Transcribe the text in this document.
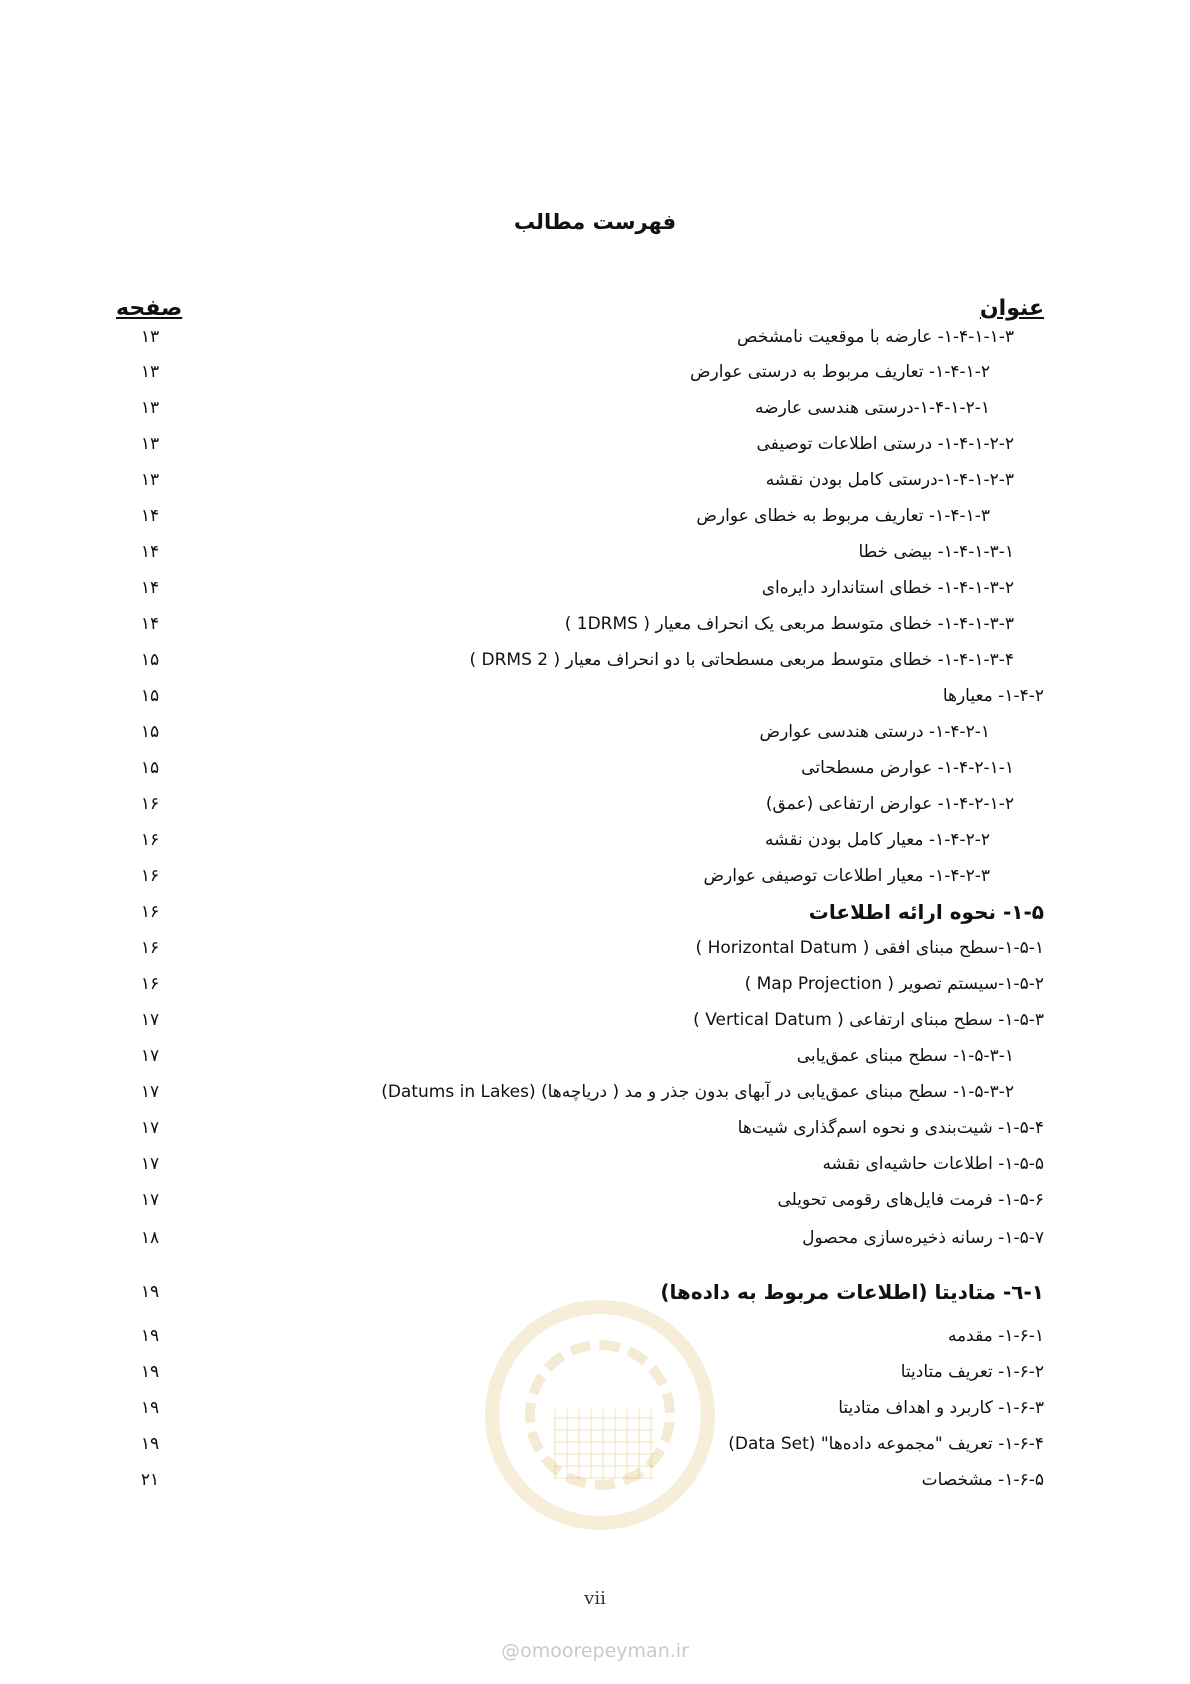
فهرست مطالب
عنوان
صفحه
۱-۴-۱-۱-۳- عارضه با موقعیت نامشخص
۱۳
۱-۴-۱-۲- تعاریف مربوط به درستی عوارض
۱۳
۱-۴-۱-۲-۱-درستی هندسی عارضه
۱۳
۱-۴-۱-۲-۲- درستی اطلاعات توصیفی
۱۳
۱-۴-۱-۲-۳-درستی کامل بودن نقشه
۱۳
۱-۴-۱-۳- تعاریف مربوط به خطای عوارض
۱۴
۱-۴-۱-۳-۱- بیضی خطا
۱۴
۱-۴-۱-۳-۲- خطای استاندارد دایره‌ای
۱۴
۱-۴-۱-۳-۳- خطای متوسط مربعی یک انحراف معیار ( 1DRMS )
۱۴
۱-۴-۱-۳-۴- خطای متوسط مربعی مسطحاتی با دو انحراف معیار ( 2 DRMS )
۱۵
۱-۴-۲- معیارها
۱۵
۱-۴-۲-۱- درستی هندسی عوارض
۱۵
۱-۴-۲-۱-۱- عوارض مسطحاتی
۱۵
۱-۴-۲-۱-۲- عوارض ارتفاعی (عمق)
۱۶
۱-۴-۲-۲- معیار کامل بودن نقشه
۱۶
۱-۴-۲-۳- معیار اطلاعات توصیفی عوارض
۱۶
۱-۵- نحوه ارائه اطلاعات
۱۶
۱-۵-۱-سطح مبنای افقی ( Horizontal Datum )
۱۶
۱-۵-۲-سیستم تصویر ( Map Projection )
۱۶
۱-۵-۳- سطح مبنای ارتفاعی ( Vertical Datum )
۱۷
۱-۵-۳-۱- سطح مبنای عمق‌یابی
۱۷
۱-۵-۳-۲- سطح مبنای عمق‌یابی در آبهای بدون جذر و مد ( دریاچه‌ها) (Datums in Lakes)
۱۷
۱-۵-۴- شیت‌بندی و نحوه اسم‌گذاری شیت‌ها
۱۷
۱-۵-۵- اطلاعات حاشیه‌ای نقشه
۱۷
۱-۵-۶- فرمت فایل‌های رقومی تحویلی
۱۷
۱-۵-۷- رسانه ذخیره‌سازی محصول
۱۸
۱-٦- متادیتا (اطلاعات مربوط به داده‌ها)
۱۹
۱-۶-۱- مقدمه
۱۹
۱-۶-۲- تعریف متادیتا
۱۹
۱-۶-۳- کاربرد و اهداف متادیتا
۱۹
۱-۶-۴- تعریف "مجموعه داده‌ها" (Data Set)
۱۹
۱-۶-۵- مشخصات
۲۱
vii
@omoorepeyman.ir
